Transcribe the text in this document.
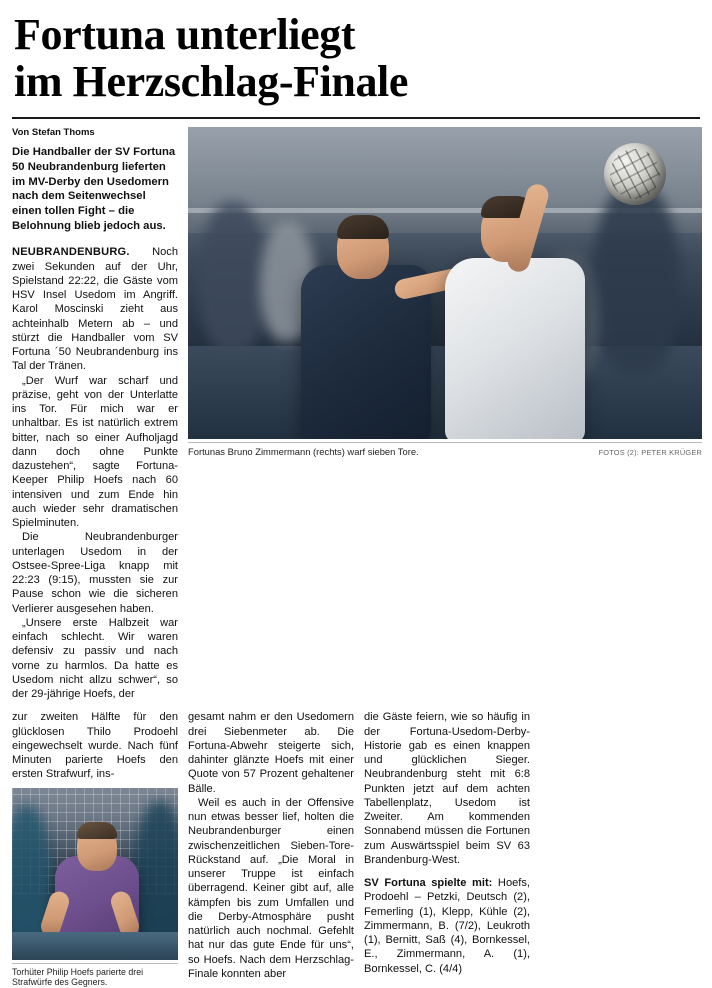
Fortuna unterliegt
im Herzschlag-Finale
Von Stefan Thoms
Die Handballer der SV Fortuna 50 Neubrandenburg lieferten im MV-Derby den Usedomern nach dem Seitenwechsel einen tollen Fight – die Belohnung blieb jedoch aus.

NEUBRANDENBURG. Noch zwei Sekunden auf der Uhr, Spielstand 22:22, die Gäste vom HSV Insel Usedom im Angriff. Karol Moscinski zieht aus achteinhalb Metern ab – und stürzt die Handballer vom SV Fortuna ´50 Neubrandenburg ins Tal der Tränen.

„Der Wurf war scharf und präzise, geht von der Unterlatte ins Tor. Für mich war er unhaltbar. Es ist natürlich extrem bitter, nach so einer Aufholjagd dann doch ohne Punkte dazustehen“, sagte Fortuna-Keeper Philip Hoefs nach 60 intensiven und zum Ende hin auch wieder sehr dramatischen Spielminuten.

Die Neubrandenburger unterlagen Usedom in der Ostsee-Spree-Liga knapp mit 22:23 (9:15), mussten sie zur Pause schon wie die sicheren Verlierer ausgesehen haben.

„Unsere erste Halbzeit war einfach schlecht. Wir waren defensiv zu passiv und nach vorne zu harmlos. Da hatte es Usedom nicht allzu schwer“, so der 29-jährige Hoefs, der

Fortunas Bruno Zimmermann (rechts) warf sieben Tore.	FOTOS (2): PETER KRÜGER

zur zweiten Hälfte für den glücklosen Thilo Prodoehl eingewechselt wurde. Nach fünf Minuten parierte Hoefs den ersten Strafwurf, ins-

Torhüter Philip Hoefs parierte drei Strafwürfe des Gegners.

gesamt nahm er den Usedomern drei Siebenmeter ab. Die Fortuna-Abwehr steigerte sich, dahinter glänzte Hoefs mit einer Quote von 57 Prozent gehaltener Bälle.

Weil es auch in der Offensive nun etwas besser lief, holten die Neubrandenburger einen zwischenzeitlichen Sieben-Tore-Rückstand auf. „Die Moral in unserer Truppe ist einfach überragend. Keiner gibt auf, alle kämpfen bis zum Umfallen und die Derby-Atmosphäre pusht natürlich auch nochmal. Gefehlt hat nur das gute Ende für uns“, so Hoefs. Nach dem Herzschlag-Finale konnten aber

die Gäste feiern, wie so häufig in der Fortuna-Usedom-Derby-Historie gab es einen knappen und glücklichen Sieger. Neubrandenburg steht mit 6:8 Punkten jetzt auf dem achten Tabellenplatz, Usedom ist Zweiter. Am kommenden Sonnabend müssen die Fortunen zum Auswärtsspiel beim SV 63 Brandenburg-West.

SV Fortuna spielte mit: Hoefs, Prodoehl – Petzki, Deutsch (2), Femerling (1), Klepp, Kühle (2), Zimmermann, B. (7/2), Leukroth (1), Bernitt, Saß (4), Bornkessel, E., Zimmermann, A. (1), Bornkessel, C. (4/4)
